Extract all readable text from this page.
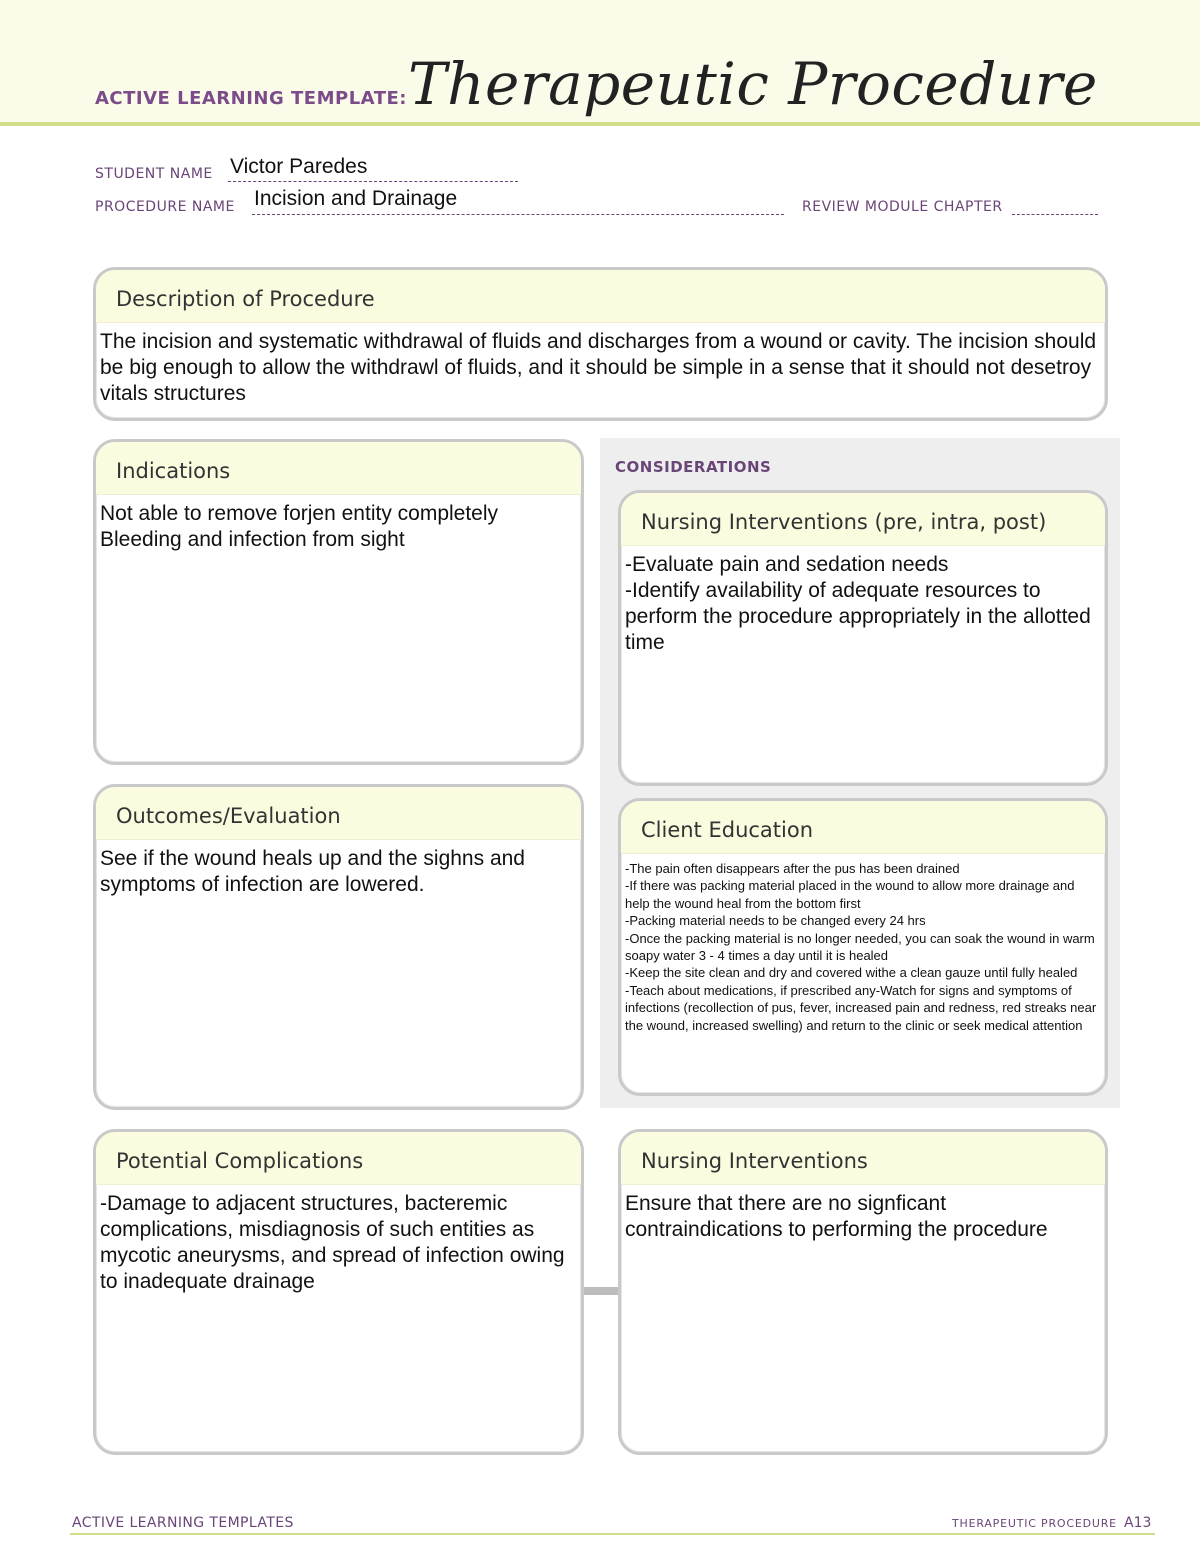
ACTIVE LEARNING TEMPLATE: Therapeutic Procedure
STUDENT NAME Victor Paredes
PROCEDURE NAME Incision and Drainage	REVIEW MODULE CHAPTER
Description of Procedure
The incision and systematic withdrawal of fluids and discharges from a wound or cavity. The incision should be big enough to allow the withdrawl of fluids, and it should be simple in a sense that it should not desetroy vitals structures
CONSIDERATIONS
Indications
Not able to remove forjen entity completely
Bleeding and infection from sight
Nursing Interventions (pre, intra, post)
-Evaluate pain and sedation needs
-Identify availability of adequate resources to perform the procedure appropriately in the allotted time
Outcomes/Evaluation
See if the wound heals up and the sighns and symptoms of infection are lowered.
Client Education
-The pain often disappears after the pus has been drained
-If there was packing material placed in the wound to allow more drainage and help the wound heal from the bottom first
-Packing material needs to be changed every 24 hrs
-Once the packing material is no longer needed, you can soak the wound in warm soapy water 3 - 4 times a day until it is healed
-Keep the site clean and dry and covered withe a clean gauze until fully healed
-Teach about medications, if prescribed any-Watch for signs and symptoms of infections (recollection of pus, fever, increased pain and redness, red streaks near the wound, increased swelling) and return to the clinic or seek medical attention
Potential Complications
-Damage to adjacent structures, bacteremic complications, misdiagnosis of such entities as mycotic aneurysms, and spread of infection owing to inadequate drainage
Nursing Interventions
Ensure that there are no signficant contraindications to performing the procedure
ACTIVE LEARNING TEMPLATES	THERAPEUTIC PROCEDURE A13
